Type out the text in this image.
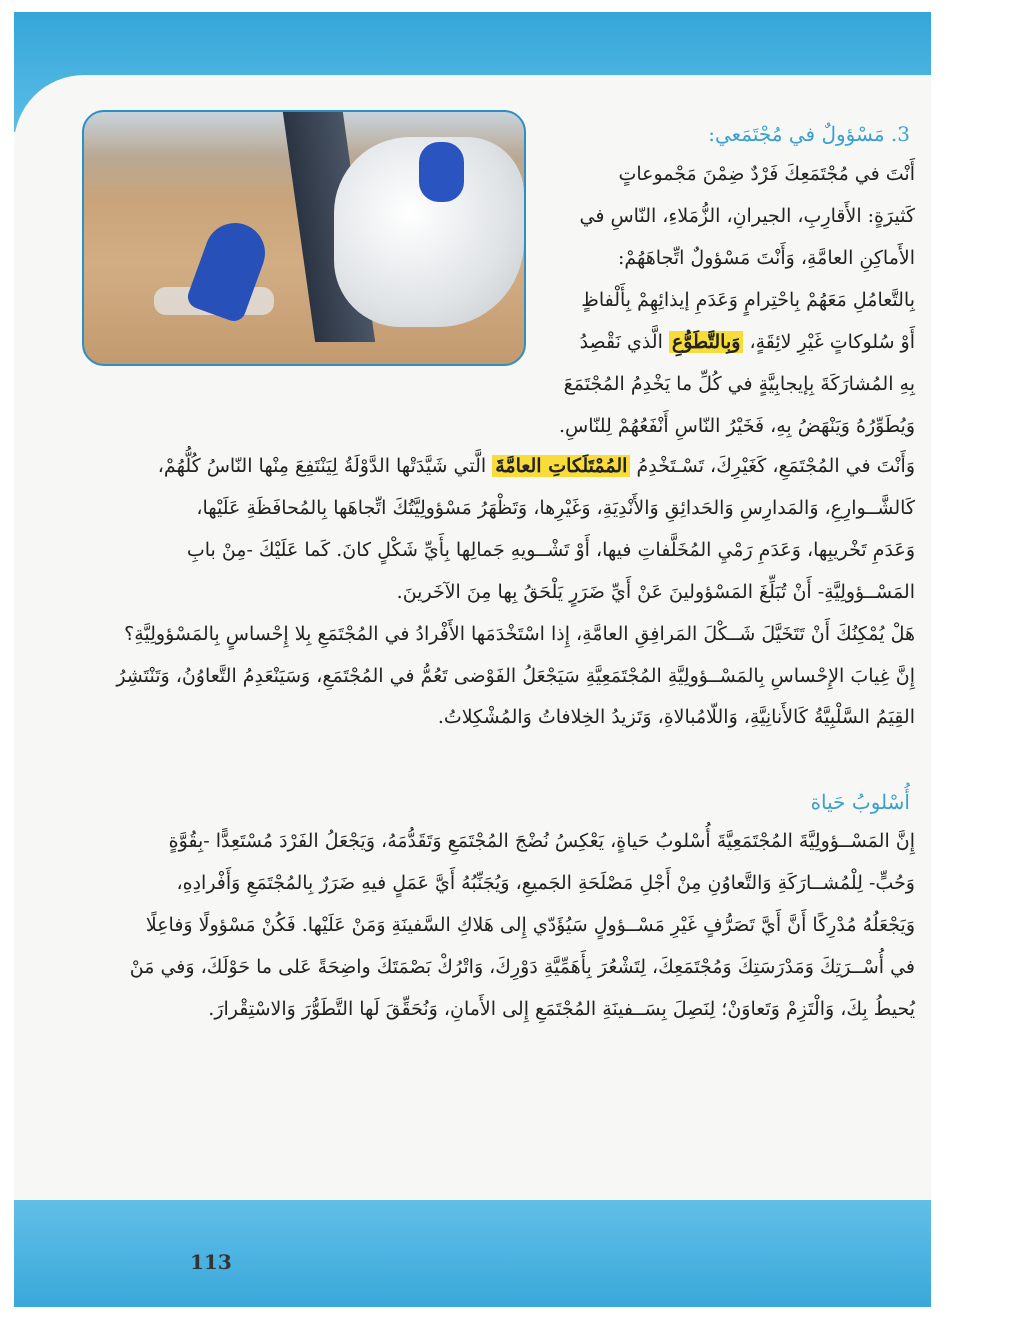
3. مَسْؤولٌ في مُجْتَمَعي:
أَنْتَ في مُجْتَمَعِكَ فَرْدٌ ضِمْنَ مَجْموعاتٍ
كَثيرَةٍ: الأَقارِبِ، الجيرانِ، الزُّمَلاءِ، النّاسِ في
الأَماكِنِ العامَّةِ، وَأَنْتَ مَسْؤولٌ اتِّجاهَهُمْ:
بِالتَّعامُلِ مَعَهُمْ بِاحْتِرامٍ وَعَدَمِ إيذائِهِمْ بِأَلْفاظٍ
أَوْ سُلوكاتٍ غَيْرِ لائِقَةٍ، وَبِالتَّطَوُّعِ الَّذي نَقْصِدُ
بِهِ المُشارَكَةَ بِإيجابِيَّةٍ في كُلِّ ما يَخْدِمُ المُجْتَمَعَ
وَيُطَوِّرُهُ وَيَنْهَضُ بِهِ، فَخَيْرُ النّاسِ أَنْفَعُهُمْ لِلنّاسِ.
وَأَنْتَ في المُجْتَمَعِ، كَغَيْرِكَ، تَسْـتَخْدِمُ المُمْتَلَكاتِ العامَّةَ الَّتي شَيَّدَتْها الدَّوْلَةُ لِيَنْتَفِعَ مِنْها النّاسُ كُلُّهُمْ،
كَالشَّــوارِعِ، وَالمَدارِسِ وَالحَدائِقِ وَالأَنْدِيَةِ، وَغَيْرِها، وَتَظْهَرُ مَسْؤولِيَّتُكَ اتِّجاهَها بِالمُحافَظَةِ عَلَيْها،
وَعَدَمِ تَخْريبِها، وَعَدَمِ رَمْيِ المُخَلَّفاتِ فيها، أَوْ تَشْــويهِ جَمالِها بِأَيِّ شَكْلٍ كانَ. كَما عَلَيْكَ -مِنْ بابِ
المَسْــؤولِيَّةِ- أَنْ تُبَلِّغَ المَسْؤولينَ عَنْ أَيِّ ضَرَرٍ يَلْحَقُ بِها مِنَ الآخَرينَ.
هَلْ يُمْكِنُكَ أَنْ تَتَخَيَّلَ شَــكْلَ المَرافِقِ العامَّةِ، إِذا اسْتَخْدَمَها الأَفْرادُ في المُجْتَمَعِ بِلا إِحْساسٍ بِالمَسْؤولِيَّةِ؟
إِنَّ غِيابَ الإِحْساسِ بِالمَسْــؤولِيَّةِ المُجْتَمَعِيَّةِ سَيَجْعَلُ الفَوْضى تَعُمُّ في المُجْتَمَعِ، وَسَيَنْعَدِمُ التَّعاوُنُ، وَتَنْتَشِرُ
القِيَمُ السَّلْبِيَّةُ كَالأَنانِيَّةِ، وَاللّامُبالاةِ، وَتَزيدُ الخِلافاتُ وَالمُشْكِلاتُ.
أُسْلوبُ حَياة
إِنَّ المَسْــؤولِيَّةَ المُجْتَمَعِيَّةَ أُسْلوبُ حَياةٍ، يَعْكِسُ نُضْجَ المُجْتَمَعِ وَتَقَدُّمَهُ، وَيَجْعَلُ الفَرْدَ مُسْتَعِدًّا -بِقُوَّةٍ
وَحُبٍّ- لِلْمُشــارَكَةِ وَالتَّعاوُنِ مِنْ أَجْلِ مَصْلَحَةِ الجَميعِ، وَيُجَنِّبُهُ أَيَّ عَمَلٍ فيهِ ضَرَرٌ بِالمُجْتَمَعِ وَأَفْرادِهِ،
وَيَجْعَلُهُ مُدْرِكًا أَنَّ أَيَّ تَصَرُّفٍ غَيْرِ مَسْــؤولٍ سَيُؤَدّي إِلى هَلاكِ السَّفينَةِ وَمَنْ عَلَيْها. فَكُنْ مَسْؤولًا وَفاعِلًا
في أُسْــرَتِكَ وَمَدْرَسَتِكَ وَمُجْتَمَعِكَ، لِتَشْعُرَ بِأَهَمِّيَّةِ دَوْرِكَ، وَاتْرُكْ بَصْمَتَكَ واضِحَةً عَلى ما حَوْلَكَ، وَفي مَنْ
يُحيطُ بِكَ، وَالْتَزِمْ وَتَعاوَنْ؛ لِنَصِلَ بِسَــفينَةِ المُجْتَمَعِ إِلى الأَمانِ، وَنُحَقِّقَ لَها التَّطَوُّرَ وَالاسْتِقْرارَ.
113
